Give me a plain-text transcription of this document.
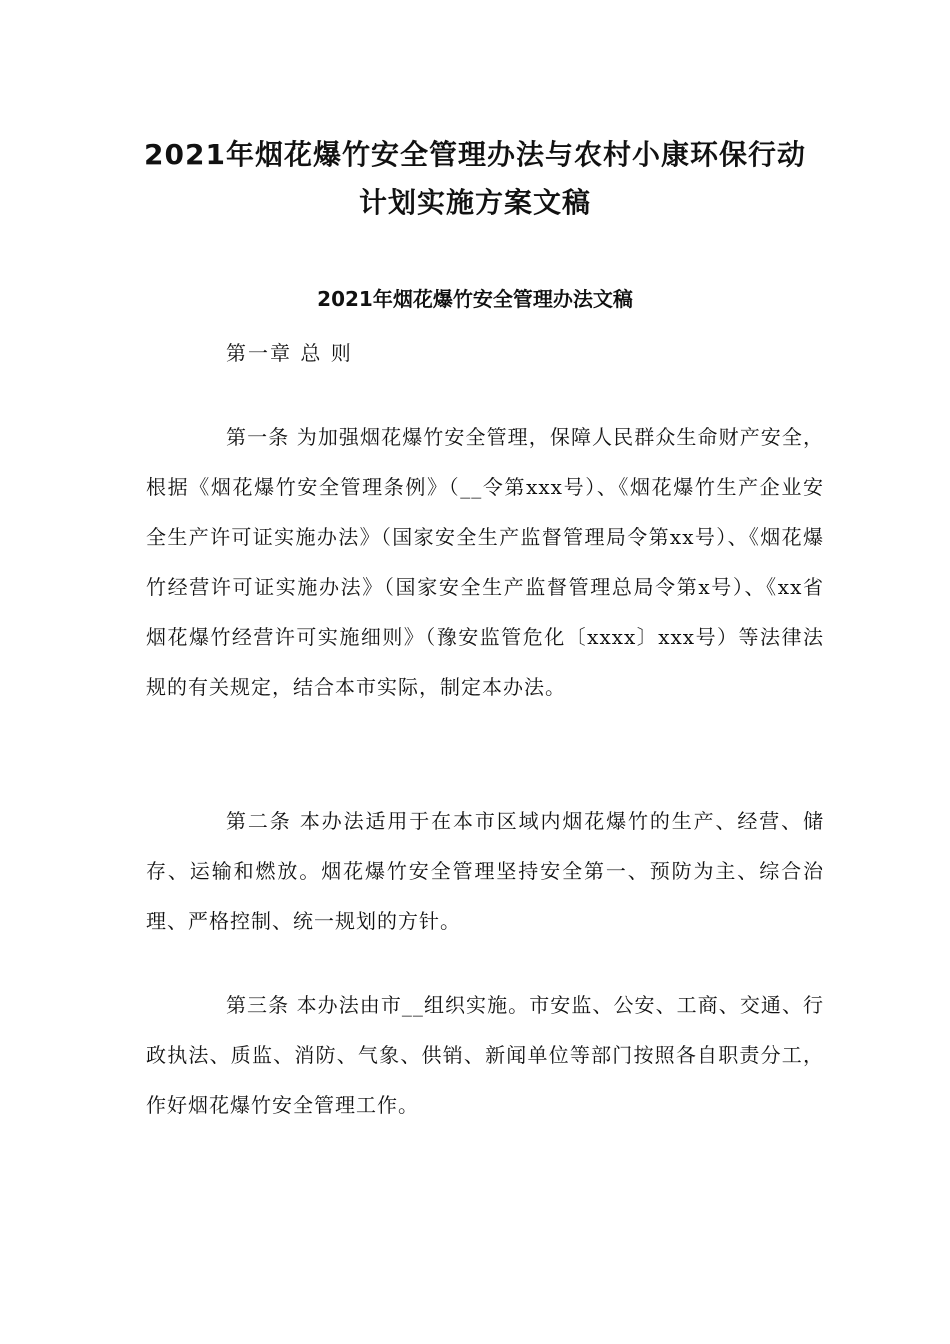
2021年烟花爆竹安全管理办法与农村小康环保行动
计划实施方案文稿
2021年烟花爆竹安全管理办法文稿

第一章 总 则

第一条 为加强烟花爆竹安全管理，保障人民群众生命财产安全，根据《烟花爆竹安全管理条例》（__令第xxx号）、《烟花爆竹生产企业安全生产许可证实施办法》（国家安全生产监督管理局令第xx号）、《烟花爆竹经营许可证实施办法》（国家安全生产监督管理总局令第x号）、《xx省烟花爆竹经营许可实施细则》（豫安监管危化〔xxxx〕xxx号）等法律法规的有关规定，结合本市实际，制定本办法。

第二条 本办法适用于在本市区域内烟花爆竹的生产、经营、储存、运输和燃放。烟花爆竹安全管理坚持安全第一、预防为主、综合治理、严格控制、统一规划的方针。

第三条 本办法由市__组织实施。市安监、公安、工商、交通、行政执法、质监、消防、气象、供销、新闻单位等部门按照各自职责分工，作好烟花爆竹安全管理工作。
